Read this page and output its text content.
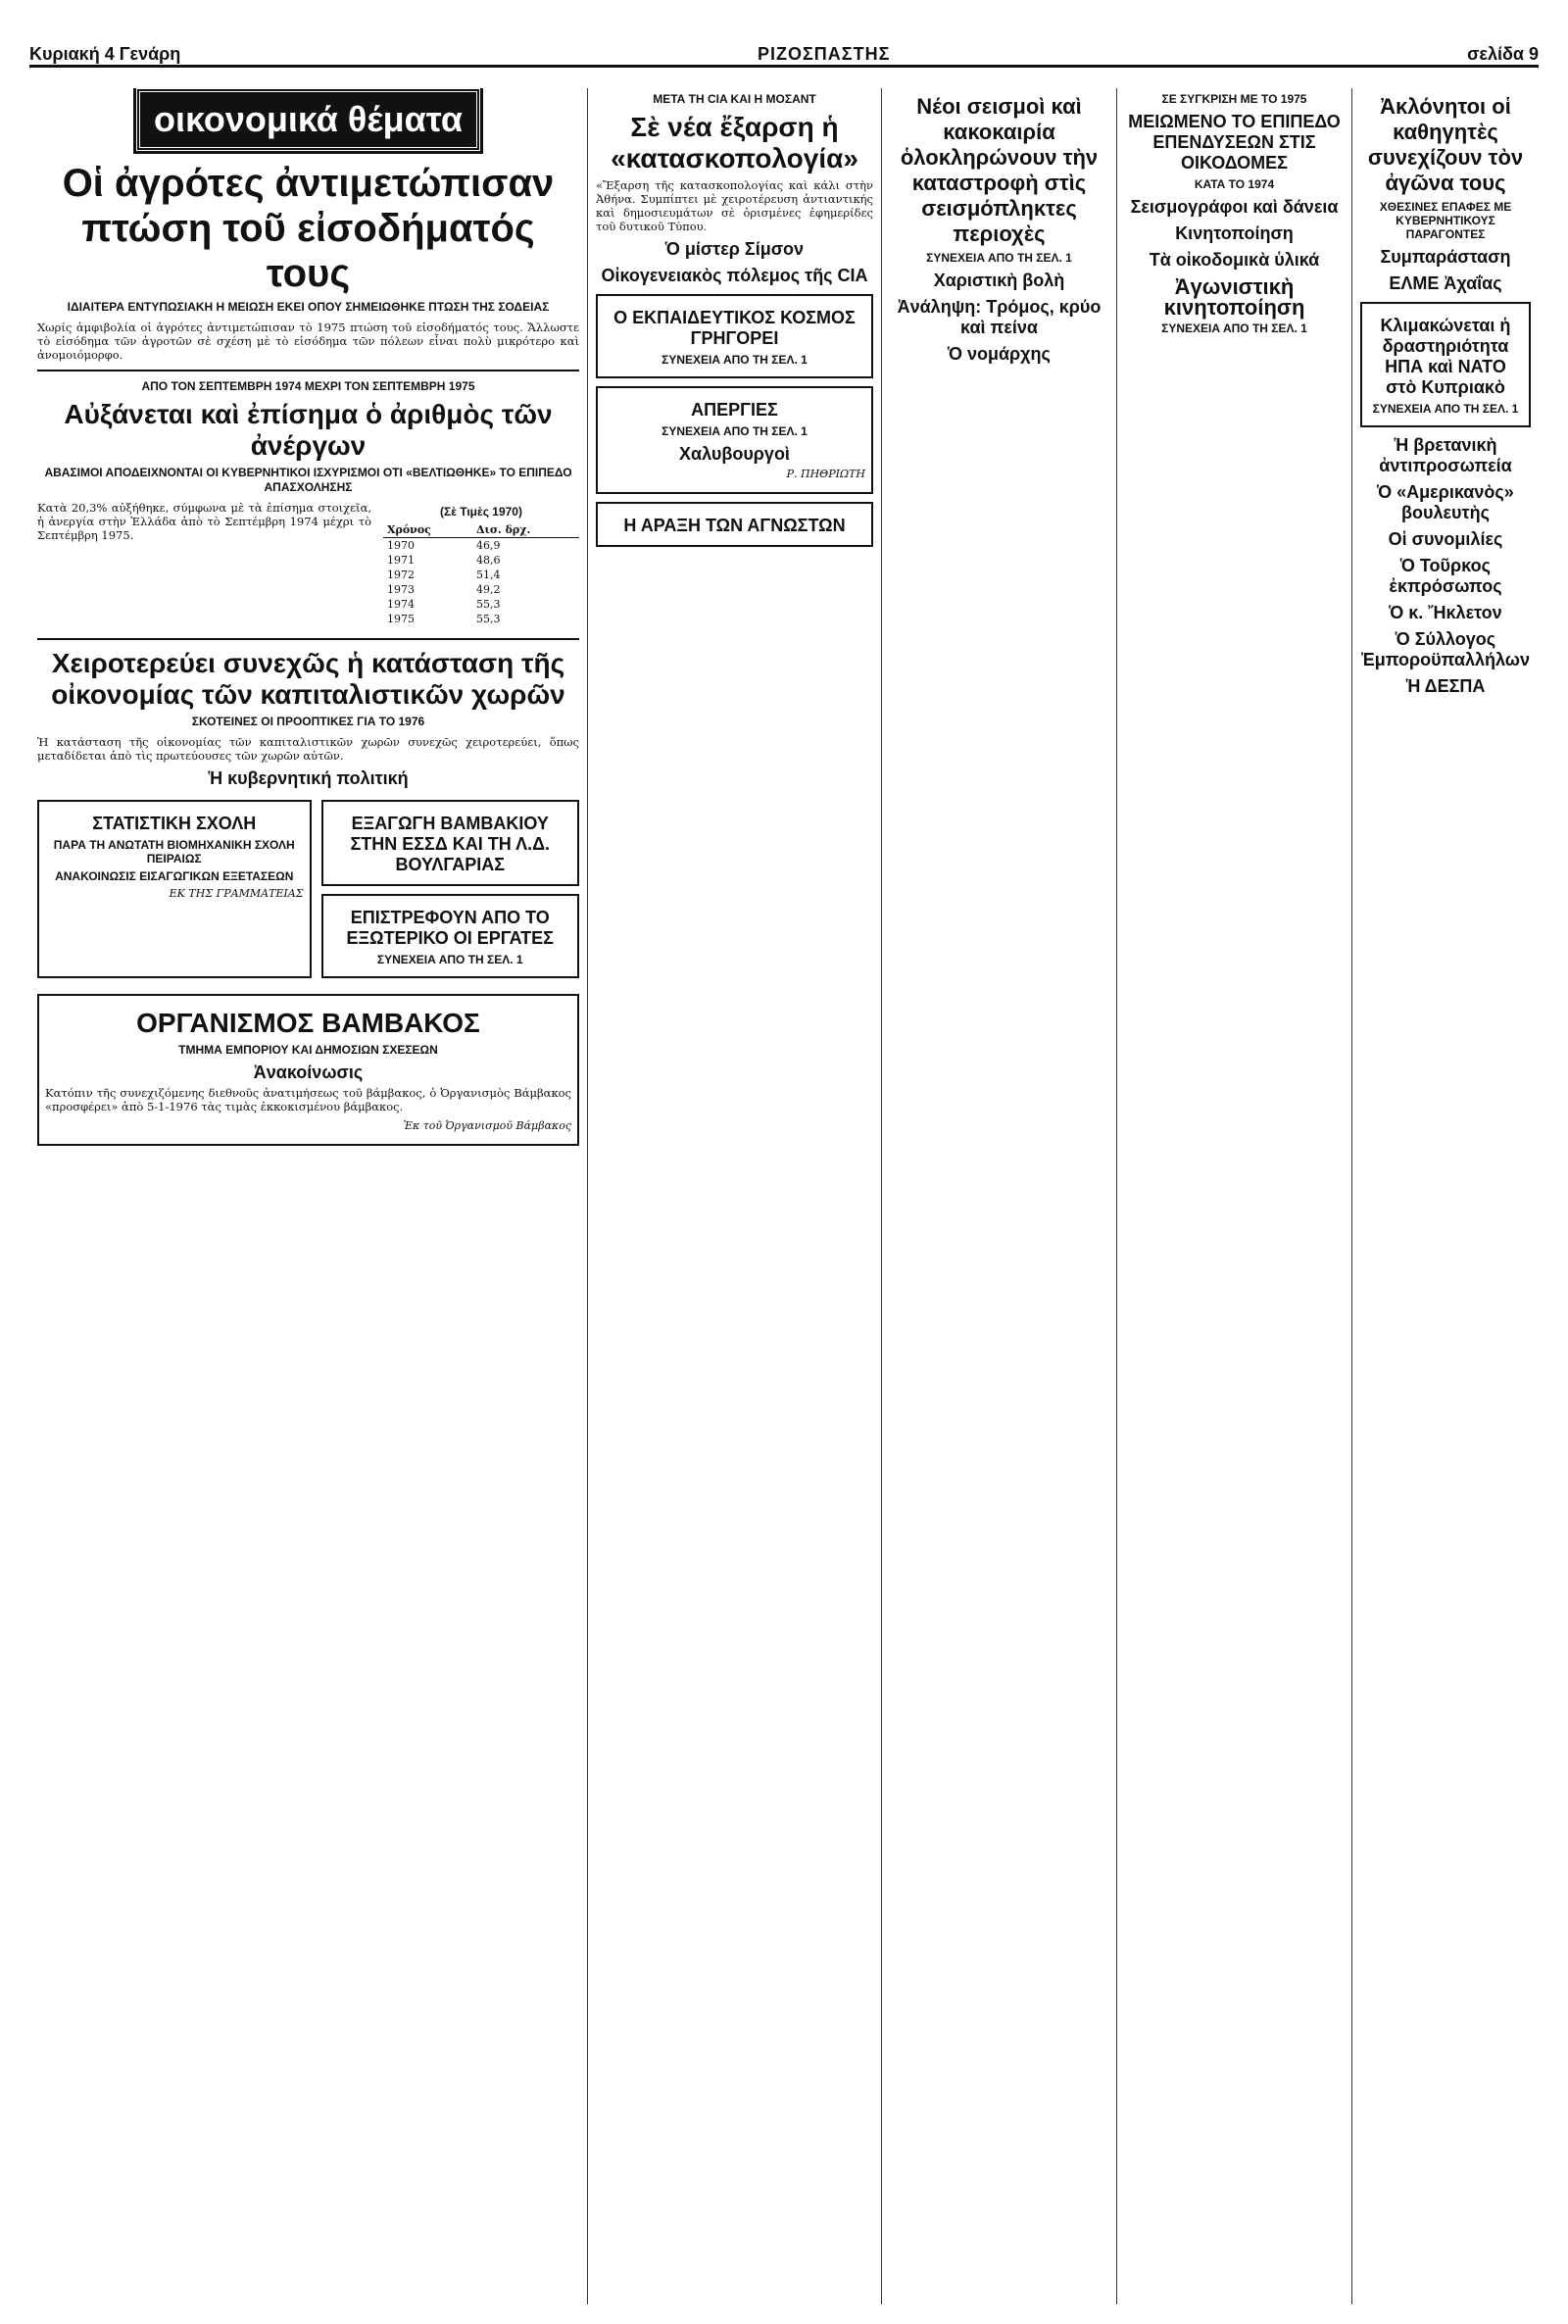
Κυριακή 4 Γενάρη	ΡΙΖΟΣΠΑΣΤΗΣ	σελίδα 9
οικονομικά θέματα
Οἱ ἀγρότες ἀντιμετώπισαν πτώση τοῦ εἰσοδήματός τους
ΙΔΙΑΙΤΕΡΑ ΕΝΤΥΠΩΣΙΑΚΗ Η ΜΕΙΩΣΗ ΕΚΕΙ ΟΠΟΥ ΣΗΜΕΙΩΘΗΚΕ ΠΤΩΣΗ ΤΗΣ ΣΟΔΕΙΑΣ

Χωρίς ἀμφιβολία οἱ ἀγρότες ἀντιμετώπισαν τὸ 1975 πτώση τοῦ εἰσοδήματός τους. Ἄλλωστε τὸ εἰσόδημα τῶν ἀγροτῶν σὲ σχέση μὲ τὸ εἰσόδημα τῶν πόλεων εἶναι πολὺ μικρότερο καὶ ἀνομοιόμορφο.

ΑΠΟ ΤΟΝ ΣΕΠΤΕΜΒΡΗ 1974 ΜΕΧΡΙ ΤΟΝ ΣΕΠΤΕΜΒΡΗ 1975
Αὐξάνεται καὶ ἐπίσημα ὁ ἀριθμὸς τῶν ἀνέργων
ΑΒΑΣΙΜΟΙ ΑΠΟΔΕΙΧΝΟΝΤΑΙ ΟΙ ΚΥΒΕΡΝΗΤΙΚΟΙ ΙΣΧΥΡΙΣΜΟΙ ΟΤΙ «ΒΕΛΤΙΩΘΗΚΕ» ΤΟ ΕΠΙΠΕΔΟ ΑΠΑΣΧΟΛΗΣΗΣ

Κατὰ 20,3% αὐξήθηκε, σύμφωνα μὲ τὰ ἐπίσημα στοιχεῖα, ἡ ἀνεργία στὴν Ἑλλάδα ἀπὸ τὸ Σεπτέμβρη 1974 μέχρι τὸ Σεπτέμβρη 1975.

(Σὲ Τιμὲς 1970)
Χρόνος	Δισ. δρχ.
1970	46,9
1971	48,6
1972	51,4
1973	49,2
1974	55,3
1975	55,3
Χειροτερεύει συνεχῶς ἡ κατάσταση τῆς οἰκονομίας τῶν καπιταλιστικῶν χωρῶν
ΣΚΟΤΕΙΝΕΣ ΟΙ ΠΡΟΟΠΤΙΚΕΣ ΓΙΑ ΤΟ 1976

Ἡ κατάσταση τῆς οἰκονομίας τῶν καπιταλιστικῶν χωρῶν συνεχῶς χειροτερεύει, ὅπως μεταδίδεται ἀπὸ τὶς πρωτεύουσες τῶν χωρῶν αὐτῶν.

Ἡ κυβερνητική πολιτική
ΣΤΑΤΙΣΤΙΚΗ ΣΧΟΛΗ
ΠΑΡΑ ΤΗ ΑΝΩΤΑΤΗ ΒΙΟΜΗΧΑΝΙΚΗ ΣΧΟΛΗ ΠΕΙΡΑΙΩΣ
ΑΝΑΚΟΙΝΩΣΙΣ ΕΙΣΑΓΩΓΙΚΩΝ ΕΞΕΤΑΣΕΩΝ
ΕΚ ΤΗΣ ΓΡΑΜΜΑΤΕΙΑΣ
ΕΞΑΓΩΓΗ ΒΑΜΒΑΚΙΟΥ ΣΤΗΝ ΕΣΣΔ ΚΑΙ ΤΗ Λ.Δ. ΒΟΥΛΓΑΡΙΑΣ
ΕΠΙΣΤΡΕΦΟΥΝ ΑΠΟ ΤΟ ΕΞΩΤΕΡΙΚΟ ΟΙ ΕΡΓΑΤΕΣ
ΣΥΝΕΧΕΙΑ ΑΠΟ ΤΗ ΣΕΛ. 1
ΟΡΓΑΝΙΣΜΟΣ ΒΑΜΒΑΚΟΣ
ΤΜΗΜΑ ΕΜΠΟΡΙΟΥ ΚΑΙ ΔΗΜΟΣΙΩΝ ΣΧΕΣΕΩΝ
Ἀνακοίνωσις

Κατόπιν τῆς συνεχιζόμενης διεθνοῦς ἀνατιμήσεως τοῦ βάμβακος, ὁ Ὀργανισμὸς Βάμβακος «προσφέρει» ἀπὸ 5-1-1976 τὰς τιμὰς ἐκκοκισμένου βάμβακος.

Ἐκ τοῦ Ὀργανισμοῦ Βάμβακος
ΜΕΤΑ ΤΗ CIA ΚΑΙ Η ΜΟΣΑΝΤ
Σὲ νέα ἔξαρση ἡ «κατασκοπολογία»

«Ἔξαρση τῆς κατασκοπολογίας καὶ κάλι στὴν Ἀθήνα. Συμπίπτει μὲ χειροτέρευση ἀντιαντικής καὶ δημοσιευμάτων σὲ ὁρισμένες ἐφημερίδες τοῦ δυτικοῦ Τύπου.

Ὁ μίστερ Σίμσον
Οἰκογενειακὸς πόλεμος τῆς CIA
Ο ΕΚΠΑΙΔΕΥΤΙΚΟΣ ΚΟΣΜΟΣ ΓΡΗΓΟΡΕΙ
ΣΥΝΕΧΕΙΑ ΑΠΟ ΤΗ ΣΕΛ. 1
ΑΠΕΡΓΙΕΣ
ΣΥΝΕΧΕΙΑ ΑΠΟ ΤΗ ΣΕΛ. 1
Χαλυβουργοὶ
Ρ. ΠΗΘΡΙΩΤΗ
Η ΑΡΑΞΗ ΤΩΝ ΑΓΝΩΣΤΩΝ
Νέοι σεισμοὶ καὶ κακοκαιρία ὁλοκληρώνουν τὴν καταστροφὴ στὶς σεισμόπληκτες περιοχὲς
ΣΥΝΕΧΕΙΑ ΑΠΟ ΤΗ ΣΕΛ. 1
Χαριστικὴ βολὴ
Ἀνάληψη: Τρόμος, κρύο καὶ πείνα
Ὁ νομάρχης
ΣΕ ΣΥΓΚΡΙΣΗ ΜΕ ΤΟ 1975
ΜΕΙΩΜΕΝΟ ΤΟ ΕΠΙΠΕΔΟ ΕΠΕΝΔΥΣΕΩΝ ΣΤΙΣ ΟΙΚΟΔΟΜΕΣ
ΚΑΤΑ ΤΟ 1974
Σεισμογράφοι καὶ δάνεια
Κινητοποίηση
Τὰ οἰκοδομικὰ ὑλικά
Ἀγωνιστικὴ κινητοποίηση
ΣΥΝΕΧΕΙΑ ΑΠΟ ΤΗ ΣΕΛ. 1
Ἀκλόνητοι οἱ καθηγητὲς συνεχίζουν τὸν ἀγῶνα τους
ΧΘΕΣΙΝΕΣ ΕΠΑΦΕΣ ΜΕ ΚΥΒΕΡΝΗΤΙΚΟΥΣ ΠΑΡΑΓΟΝΤΕΣ
Συμπαράσταση
ΕΛΜΕ Ἀχαΐας
Κλιμακώνεται ἡ δραστηριότητα ΗΠΑ καὶ ΝΑΤΟ στὸ Κυπριακὸ
ΣΥΝΕΧΕΙΑ ΑΠΟ ΤΗ ΣΕΛ. 1
Ἡ βρετανικὴ ἀντιπροσωπεία
Ὁ «Αμερικανὸς» βουλευτὴς
Οἱ συνομιλίες
Ὁ Τοῦρκος ἐκπρόσωπος
Ὁ κ. Ἤκλετον
Ὁ Σύλλογος Ἐμποροϋπαλλήλων
Ἡ ΔΕΣΠΑ
